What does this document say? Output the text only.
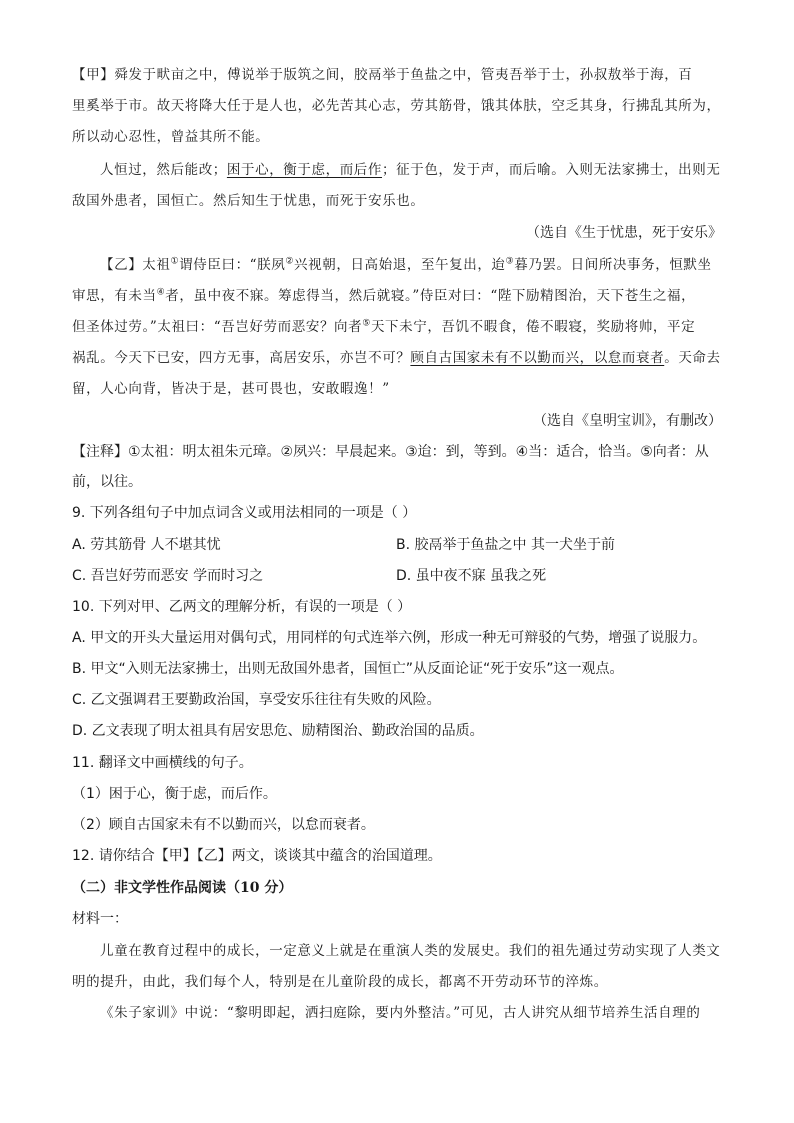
【甲】舜发于畎亩之中，傅说举于版筑之间，胶鬲举于鱼盐之中，管夷吾举于士，孙叔敖举于海，百
里奚举于市。故天将降大任于是人也，必先苦其心志，劳其筋骨，饿其体肤，空乏其身，行拂乱其所为，
所以动心忍性，曾益其所不能。
人恒过，然后能改；困于心，衡于虑，而后作；征于色，发于声，而后喻。入则无法家拂士，出则无
敌国外患者，国恒亡。然后知生于忧患，而死于安乐也。
（选自《生于忧患，死于安乐》
【乙】太祖①谓侍臣曰：“朕夙②兴视朝，日高始退，至午复出，迨③暮乃罢。日间所决事务，恒默坐
审思，有未当④者，虽中夜不寐。筹虑得当，然后就寝。”侍臣对曰：“陛下励精图治，天下苍生之福，
但圣体过劳。”太祖曰：“吾岂好劳而恶安？向者⑤天下未宁，吾饥不暇食，倦不暇寝，奖励将帅，平定
祸乱。今天下已安，四方无事，高居安乐，亦岂不可？顾自古国家未有不以勤而兴，以怠而衰者。天命去
留，人心向背，皆决于是，甚可畏也，安敢暇逸！”
（选自《皇明宝训》，有删改）
【注释】①太祖：明太祖朱元璋。②夙兴：早晨起来。③迨：到，等到。④当：适合，恰当。⑤向者：从
前，以往。
9. 下列各组句子中加点词含义或用法相同的一项是（ ）
A. 劳其筋骨 人不堪其忧	B. 胶鬲举于鱼盐之中 其一犬坐于前
C. 吾岂好劳而恶安 学而时习之	D. 虽中夜不寐 虽我之死
10. 下列对甲、乙两文的理解分析，有误的一项是（ ）
A. 甲文的开头大量运用对偶句式，用同样的句式连举六例，形成一种无可辩驳的气势，增强了说服力。
B. 甲文“入则无法家拂士，出则无敌国外患者，国恒亡”从反面论证“死于安乐”这一观点。
C. 乙文强调君王要勤政治国，享受安乐往往有失败的风险。
D. 乙文表现了明太祖具有居安思危、励精图治、勤政治国的品质。
11. 翻译文中画横线的句子。
（1）困于心，衡于虑，而后作。
（2）顾自古国家未有不以勤而兴，以怠而衰者。
12. 请你结合【甲】【乙】两文，谈谈其中蕴含的治国道理。
（二）非文学性作品阅读（10 分）
材料一：
儿童在教育过程中的成长，一定意义上就是在重演人类的发展史。我们的祖先通过劳动实现了人类文
明的提升，由此，我们每个人，特别是在儿童阶段的成长，都离不开劳动环节的淬炼。
《朱子家训》中说：“黎明即起，洒扫庭除，要内外整洁。”可见，古人讲究从细节培养生活自理的
